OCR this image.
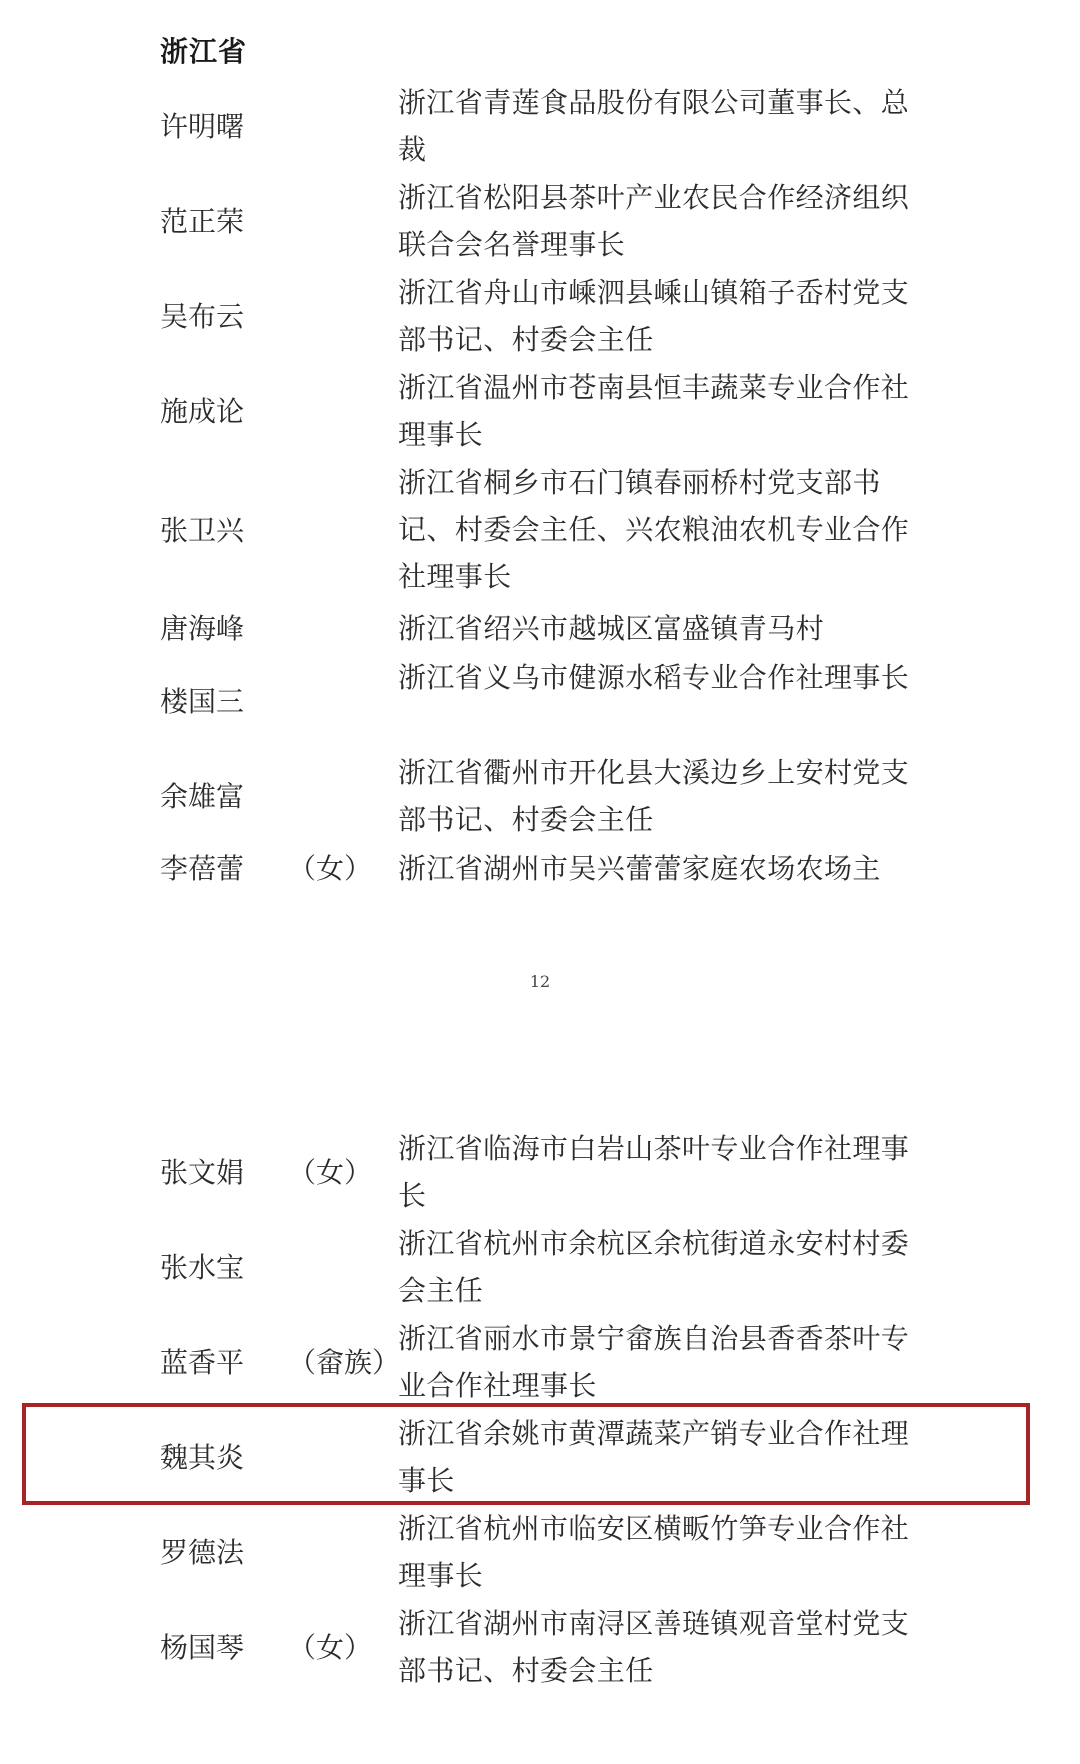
浙江省
许明曙
浙江省青莲食品股份有限公司董事长、总裁
范正荣
浙江省松阳县茶叶产业农民合作经济组织联合会名誉理事长
吴布云
浙江省舟山市嵊泗县嵊山镇箱子岙村党支部书记、村委会主任
施成论
浙江省温州市苍南县恒丰蔬菜专业合作社理事长
张卫兴
浙江省桐乡市石门镇春丽桥村党支部书记、村委会主任、兴农粮油农机专业合作社理事长
唐海峰	浙江省绍兴市越城区富盛镇青马村
楼国三
浙江省义乌市健源水稻专业合作社理事长
余雄富
浙江省衢州市开化县大溪边乡上安村党支部书记、村委会主任
李蓓蕾 （女） 浙江省湖州市吴兴蕾蕾家庭农场农场主
12
张文娟 （女）
浙江省临海市白岩山茶叶专业合作社理事长
张水宝
浙江省杭州市余杭区余杭街道永安村村委会主任
蓝香平 （畲族）
浙江省丽水市景宁畲族自治县香香茶叶专业合作社理事长
魏其炎
浙江省余姚市黄潭蔬菜产销专业合作社理事长
罗德法
浙江省杭州市临安区横畈竹笋专业合作社理事长
杨国琴 （女）
浙江省湖州市南浔区善琏镇观音堂村党支部书记、村委会主任
